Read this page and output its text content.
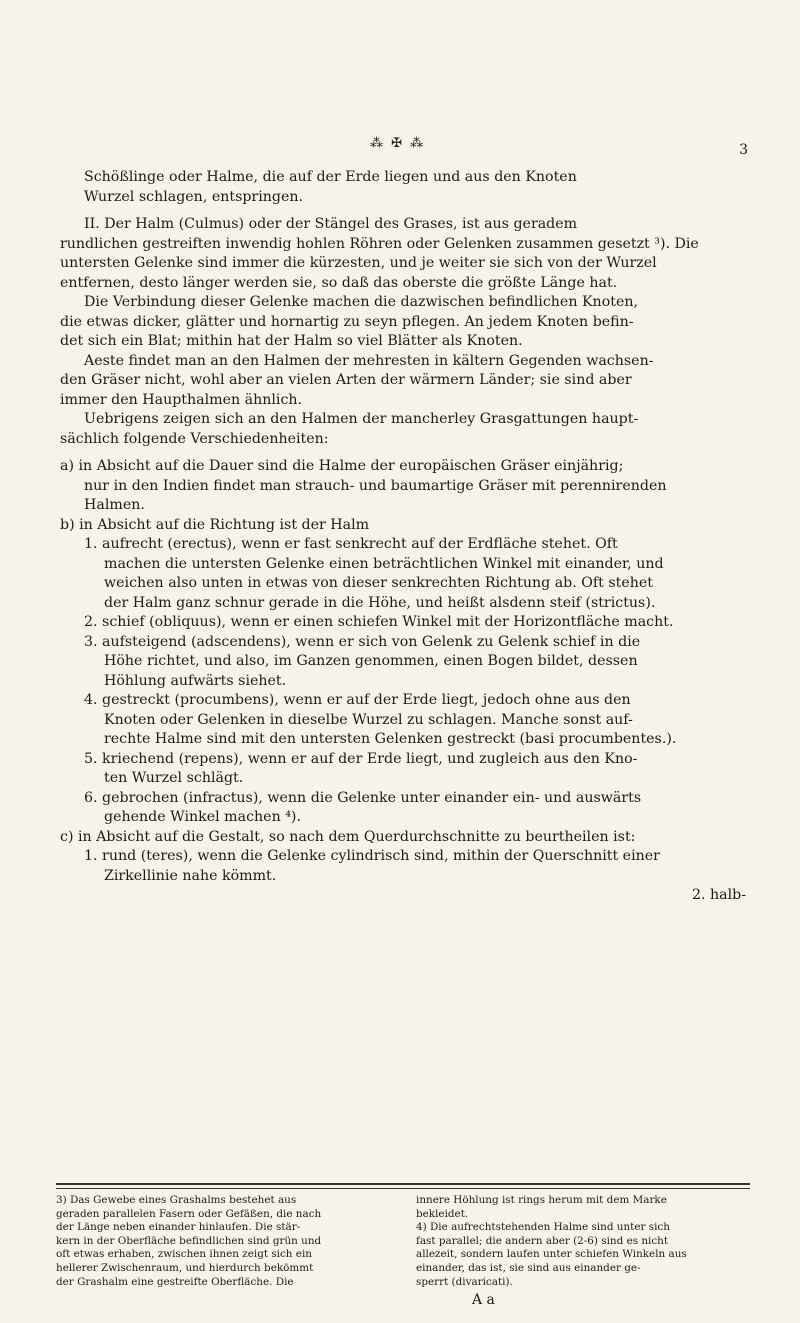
⁂ ✠ ⁂	3
Schößlinge oder Halme, die auf der Erde liegen und aus den Knoten
Wurzel schlagen, entspringen.
II. Der Halm (Culmus) oder der Stängel des Grases, ist aus geradem
rundlichen gestreiften inwendig hohlen Röhren oder Gelenken zusammen gesetzt ³). Die
untersten Gelenke sind immer die kürzesten, und je weiter sie sich von der Wurzel
entfernen, desto länger werden sie, so daß das oberste die größte Länge hat.
Die Verbindung dieser Gelenke machen die dazwischen befindlichen Knoten,
die etwas dicker, glätter und hornartig zu seyn pflegen. An jedem Knoten befin-
det sich ein Blat; mithin hat der Halm so viel Blätter als Knoten.
Aeste findet man an den Halmen der mehresten in kältern Gegenden wachsen-
den Gräser nicht, wohl aber an vielen Arten der wärmern Länder; sie sind aber
immer den Haupthalmen ähnlich.
Uebrigens zeigen sich an den Halmen der mancherley Grasgattungen haupt-
sächlich folgende Verschiedenheiten:
a) in Absicht auf die Dauer sind die Halme der europäischen Gräser einjährig;
nur in den Indien findet man strauch- und baumartige Gräser mit perennirenden
Halmen.
b) in Absicht auf die Richtung ist der Halm
1. aufrecht (erectus), wenn er fast senkrecht auf der Erdfläche stehet. Oft
machen die untersten Gelenke einen beträchtlichen Winkel mit einander, und
weichen also unten in etwas von dieser senkrechten Richtung ab. Oft stehet
der Halm ganz schnur gerade in die Höhe, und heißt alsdenn steif (strictus).
2. schief (obliquus), wenn er einen schiefen Winkel mit der Horizontfläche macht.
3. aufsteigend (adscendens), wenn er sich von Gelenk zu Gelenk schief in die
Höhe richtet, und also, im Ganzen genommen, einen Bogen bildet, dessen
Höhlung aufwärts siehet.
4. gestreckt (procumbens), wenn er auf der Erde liegt, jedoch ohne aus den
Knoten oder Gelenken in dieselbe Wurzel zu schlagen. Manche sonst auf-
rechte Halme sind mit den untersten Gelenken gestreckt (basi procumbentes.).
5. kriechend (repens), wenn er auf der Erde liegt, und zugleich aus den Kno-
ten Wurzel schlägt.
6. gebrochen (infractus), wenn die Gelenke unter einander ein- und auswärts
gehende Winkel machen ⁴).
c) in Absicht auf die Gestalt, so nach dem Querdurchschnitte zu beurtheilen ist:
1. rund (teres), wenn die Gelenke cylindrisch sind, mithin der Querschnitt einer
Zirkellinie nahe kömmt.
2. halb-
3) Das Gewebe eines Grashalms bestehet aus
geraden parallelen Fasern oder Gefäßen, die nach
der Länge neben einander hinlaufen. Die stär-
kern in der Oberfläche befindlichen sind grün und
oft etwas erhaben, zwischen ihnen zeigt sich ein
hellerer Zwischenraum, und hierdurch bekömmt
der Grashalm eine gestreifte Oberfläche. Die
innere Höhlung ist rings herum mit dem Marke
bekleidet.
4) Die aufrechtstehenden Halme sind unter sich
fast parallel; die andern aber (2-6) sind es nicht
allezeit, sondern laufen unter schiefen Winkeln aus
einander, das ist, sie sind aus einander ge-
sperrt (divaricati).
A a
